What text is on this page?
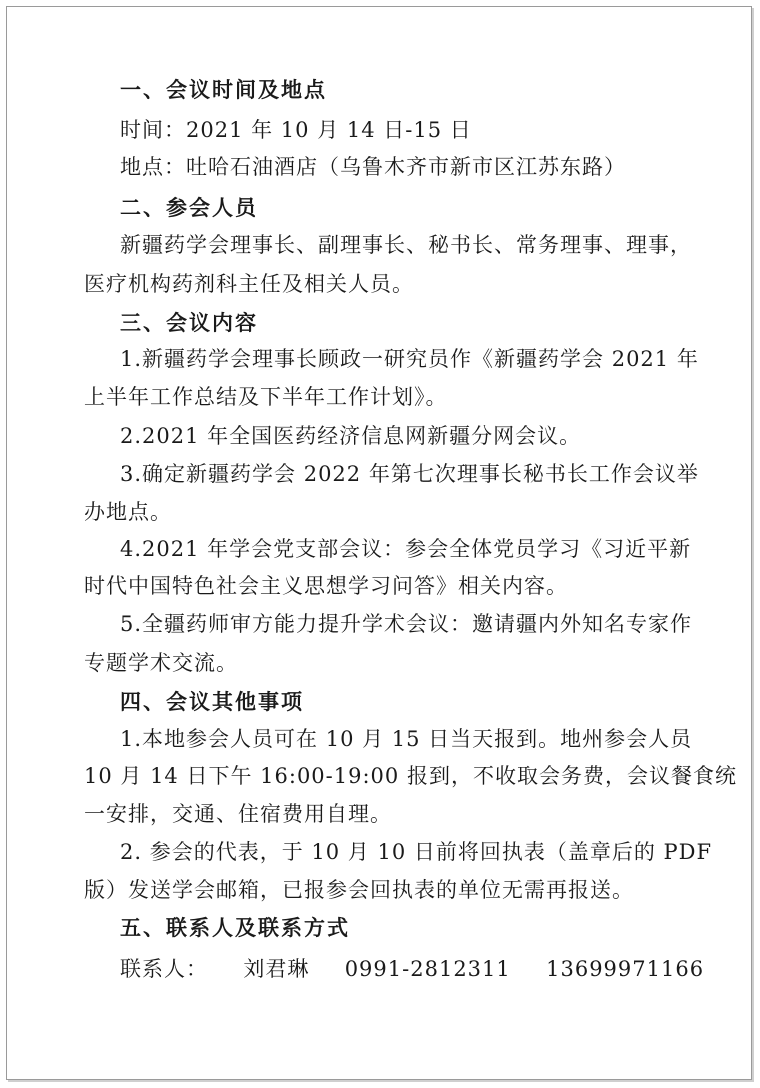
一、会议时间及地点
时间：2021 年 10 月 14 日-15 日
地点：吐哈石油酒店（乌鲁木齐市新市区江苏东路）
二、参会人员
新疆药学会理事长、副理事长、秘书长、常务理事、理事，
医疗机构药剂科主任及相关人员。
三、会议内容
1.新疆药学会理事长顾政一研究员作《新疆药学会 2021 年
上半年工作总结及下半年工作计划》。
2.2021 年全国医药经济信息网新疆分网会议。
3.确定新疆药学会 2022 年第七次理事长秘书长工作会议举
办地点。
4.2021 年学会党支部会议：参会全体党员学习《习近平新
时代中国特色社会主义思想学习问答》相关内容。
5.全疆药师审方能力提升学术会议：邀请疆内外知名专家作
专题学术交流。
四、会议其他事项
1.本地参会人员可在 10 月 15 日当天报到。地州参会人员
10 月 14 日下午 16:00-19:00 报到，不收取会务费，会议餐食统
一安排，交通、住宿费用自理。
2. 参会的代表，于 10 月 10 日前将回执表（盖章后的 PDF
版）发送学会邮箱，已报参会回执表的单位无需再报送。
五、联系人及联系方式
联系人：  刘君琳  0991-2812311  13699971166
